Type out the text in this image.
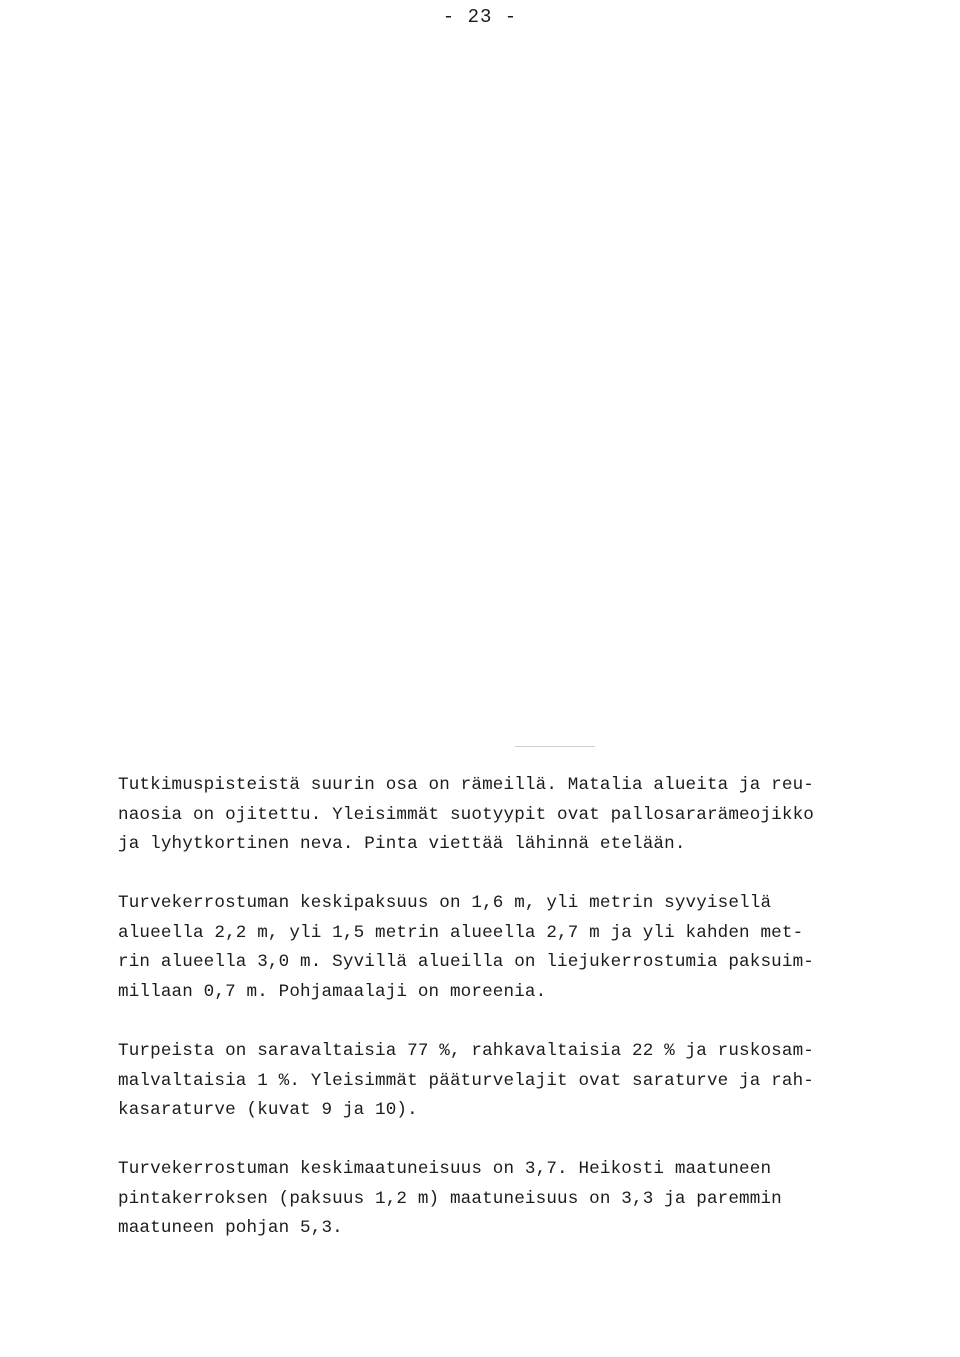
- 23 -

Tutkimuspisteistä suurin osa on rämeillä. Matalia alueita ja reu-
naosia on ojitettu. Yleisimmät suotyypit ovat pallosararämeojikko
ja lyhytkortinen neva. Pinta viettää lähinnä etelään.

Turvekerrostuman keskipaksuus on 1,6 m, yli metrin syvyisellä
alueella 2,2 m, yli 1,5 metrin alueella 2,7 m ja yli kahden met-
rin alueella 3,0 m. Syvillä alueilla on liejukerrostumia paksuim-
millaan 0,7 m. Pohjamaalaji on moreenia.

Turpeista on saravaltaisia 77 %, rahkavaltaisia 22 % ja ruskosam-
malvaltaisia 1 %. Yleisimmät pääturvelajit ovat saraturve ja rah-
kasaraturve (kuvat 9 ja 10).

Turvekerrostuman keskimaatuneisuus on 3,7. Heikosti maatuneen
pintakerroksen (paksuus 1,2 m) maatuneisuus on 3,3 ja paremmin
maatuneen pohjan 5,3.
